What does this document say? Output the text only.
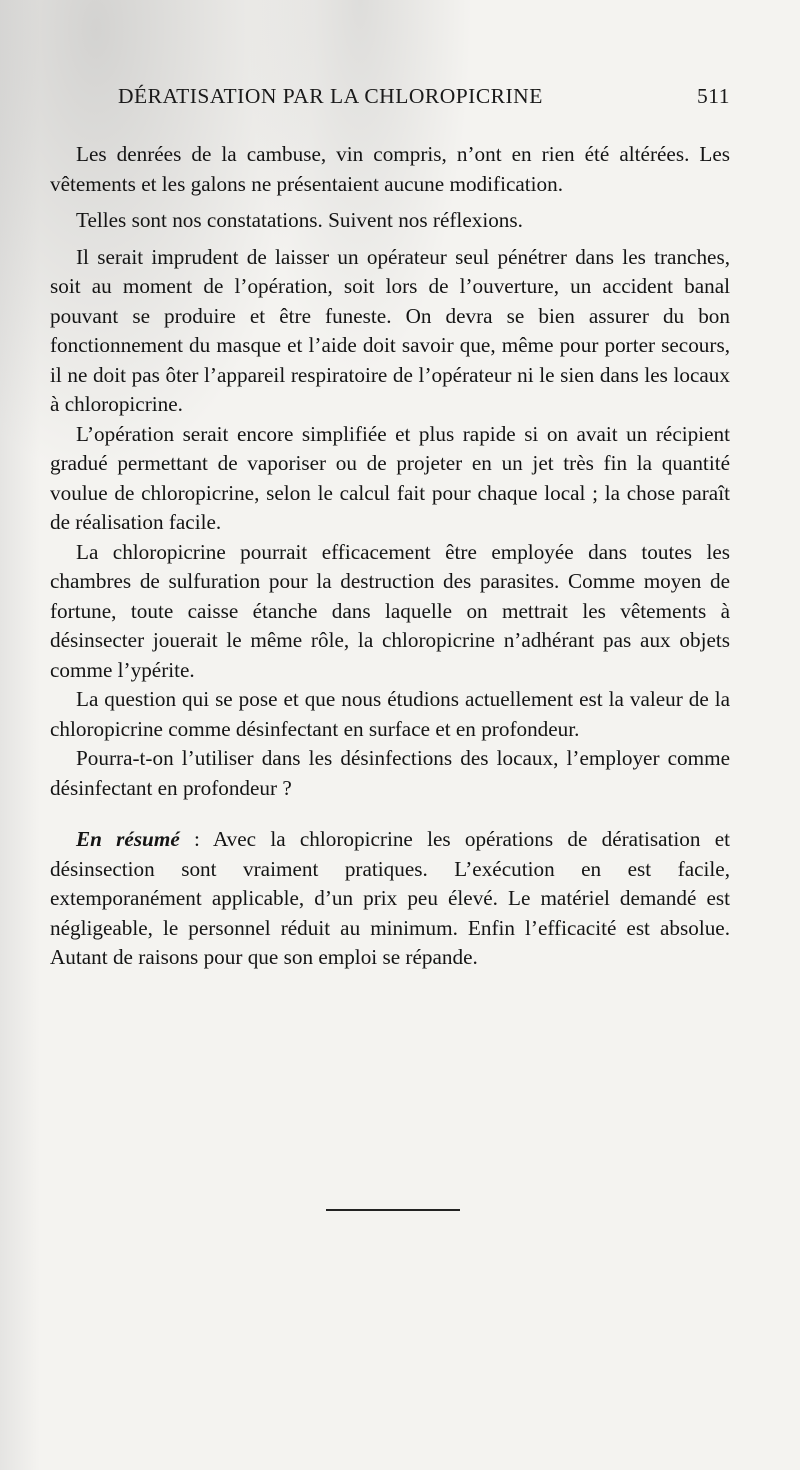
DÉRATISATION PAR LA CHLOROPICRINE	511

Les denrées de la cambuse, vin compris, n’ont en rien été altérées. Les vêtements et les galons ne présentaient aucune modification.

Telles sont nos constatations. Suivent nos réflexions.

Il serait imprudent de laisser un opérateur seul pénétrer dans les tranches, soit au moment de l’opération, soit lors de l’ouverture, un accident banal pouvant se produire et être funeste. On devra se bien assurer du bon fonctionnement du masque et l’aide doit savoir que, même pour porter secours, il ne doit pas ôter l’appareil respiratoire de l’opérateur ni le sien dans les locaux à chloropicrine.

L’opération serait encore simplifiée et plus rapide si on avait un récipient gradué permettant de vaporiser ou de projeter en un jet très fin la quantité voulue de chloropicrine, selon le calcul fait pour chaque local ; la chose paraît de réalisation facile.

La chloropicrine pourrait efficacement être employée dans toutes les chambres de sulfuration pour la destruction des parasites. Comme moyen de fortune, toute caisse étanche dans laquelle on mettrait les vêtements à désinsecter jouerait le même rôle, la chloropicrine n’adhérant pas aux objets comme l’ypérite.

La question qui se pose et que nous étudions actuellement est la valeur de la chloropicrine comme désinfectant en surface et en profondeur.

Pourra-t-on l’utiliser dans les désinfections des locaux, l’employer comme désinfectant en profondeur ?

En résumé : Avec la chloropicrine les opérations de dératisation et désinsection sont vraiment pratiques. L’exécution en est facile, extemporanément applicable, d’un prix peu élevé. Le matériel demandé est négligeable, le personnel réduit au minimum. Enfin l’efficacité est absolue. Autant de raisons pour que son emploi se répande.
